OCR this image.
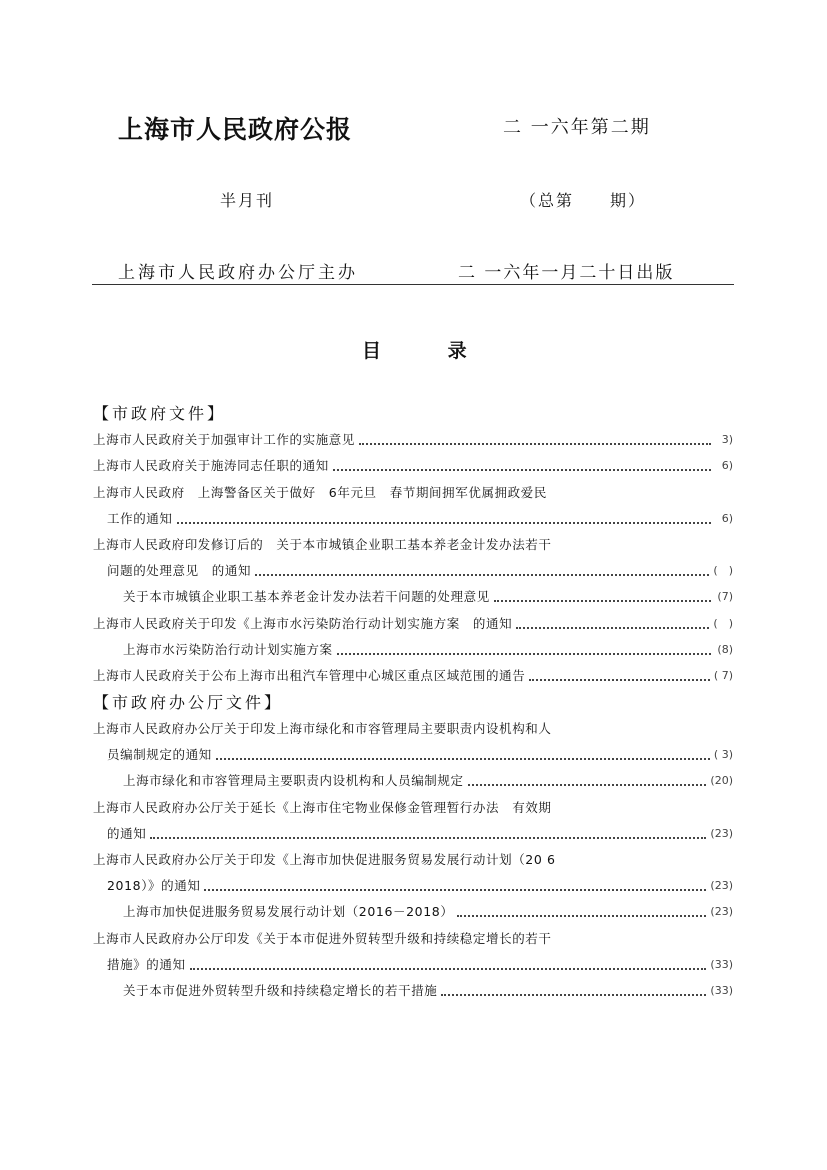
上海市人民政府公报	二 一六年第二期
半月刊	（总第　　期）
上海市人民政府办公厅主办	二 一六年一月二十日出版
目 录
【市政府文件】
上海市人民政府关于加强审计工作的实施意见	3)
上海市人民政府关于施涛同志任职的通知	6)
上海市人民政府　上海警备区关于做好　6年元旦　春节期间拥军优属拥政爱民
工作的通知	6)
上海市人民政府印发修订后的　关于本市城镇企业职工基本养老金计发办法若干
问题的处理意见　的通知	(　)
关于本市城镇企业职工基本养老金计发办法若干问题的处理意见	(7)
上海市人民政府关于印发《上海市水污染防治行动计划实施方案　的通知	(　)
上海市水污染防治行动计划实施方案	(8)
上海市人民政府关于公布上海市出租汽车管理中心城区重点区域范围的通告	( 7)
【市政府办公厅文件】
上海市人民政府办公厅关于印发上海市绿化和市容管理局主要职责内设机构和人
员编制规定的通知	( 3)
上海市绿化和市容管理局主要职责内设机构和人员编制规定	(20)
上海市人民政府办公厅关于延长《上海市住宅物业保修金管理暂行办法　有效期
的通知	(23)
上海市人民政府办公厅关于印发《上海市加快促进服务贸易发展行动计划（20 6
2018）》的通知	(23)
上海市加快促进服务贸易发展行动计划（2016－2018）	(23)
上海市人民政府办公厅印发《关于本市促进外贸转型升级和持续稳定增长的若干
措施》的通知	(33)
关于本市促进外贸转型升级和持续稳定增长的若干措施	(33)
